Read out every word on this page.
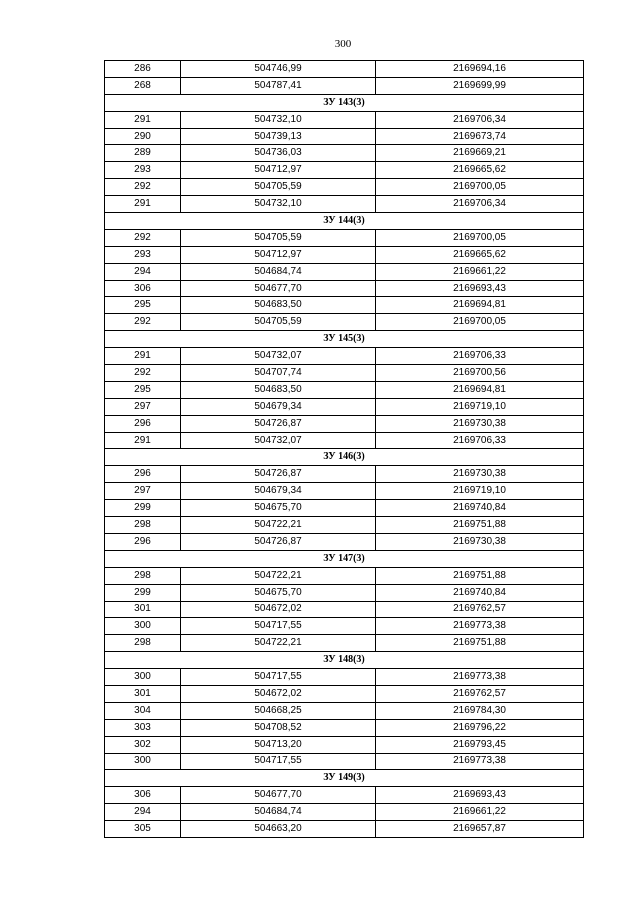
300
286	504746,99	2169694,16
268	504787,41	2169699,99
ЗУ 143(3)		
291	504732,10	2169706,34
290	504739,13	2169673,74
289	504736,03	2169669,21
293	504712,97	2169665,62
292	504705,59	2169700,05
291	504732,10	2169706,34
ЗУ 144(3)		
292	504705,59	2169700,05
293	504712,97	2169665,62
294	504684,74	2169661,22
306	504677,70	2169693,43
295	504683,50	2169694,81
292	504705,59	2169700,05
ЗУ 145(3)		
291	504732,07	2169706,33
292	504707,74	2169700,56
295	504683,50	2169694,81
297	504679,34	2169719,10
296	504726,87	2169730,38
291	504732,07	2169706,33
ЗУ 146(3)		
296	504726,87	2169730,38
297	504679,34	2169719,10
299	504675,70	2169740,84
298	504722,21	2169751,88
296	504726,87	2169730,38
ЗУ 147(3)		
298	504722,21	2169751,88
299	504675,70	2169740,84
301	504672,02	2169762,57
300	504717,55	2169773,38
298	504722,21	2169751,88
ЗУ 148(3)		
300	504717,55	2169773,38
301	504672,02	2169762,57
304	504668,25	2169784,30
303	504708,52	2169796,22
302	504713,20	2169793,45
300	504717,55	2169773,38
ЗУ 149(3)		
306	504677,70	2169693,43
294	504684,74	2169661,22
305	504663,20	2169657,87
